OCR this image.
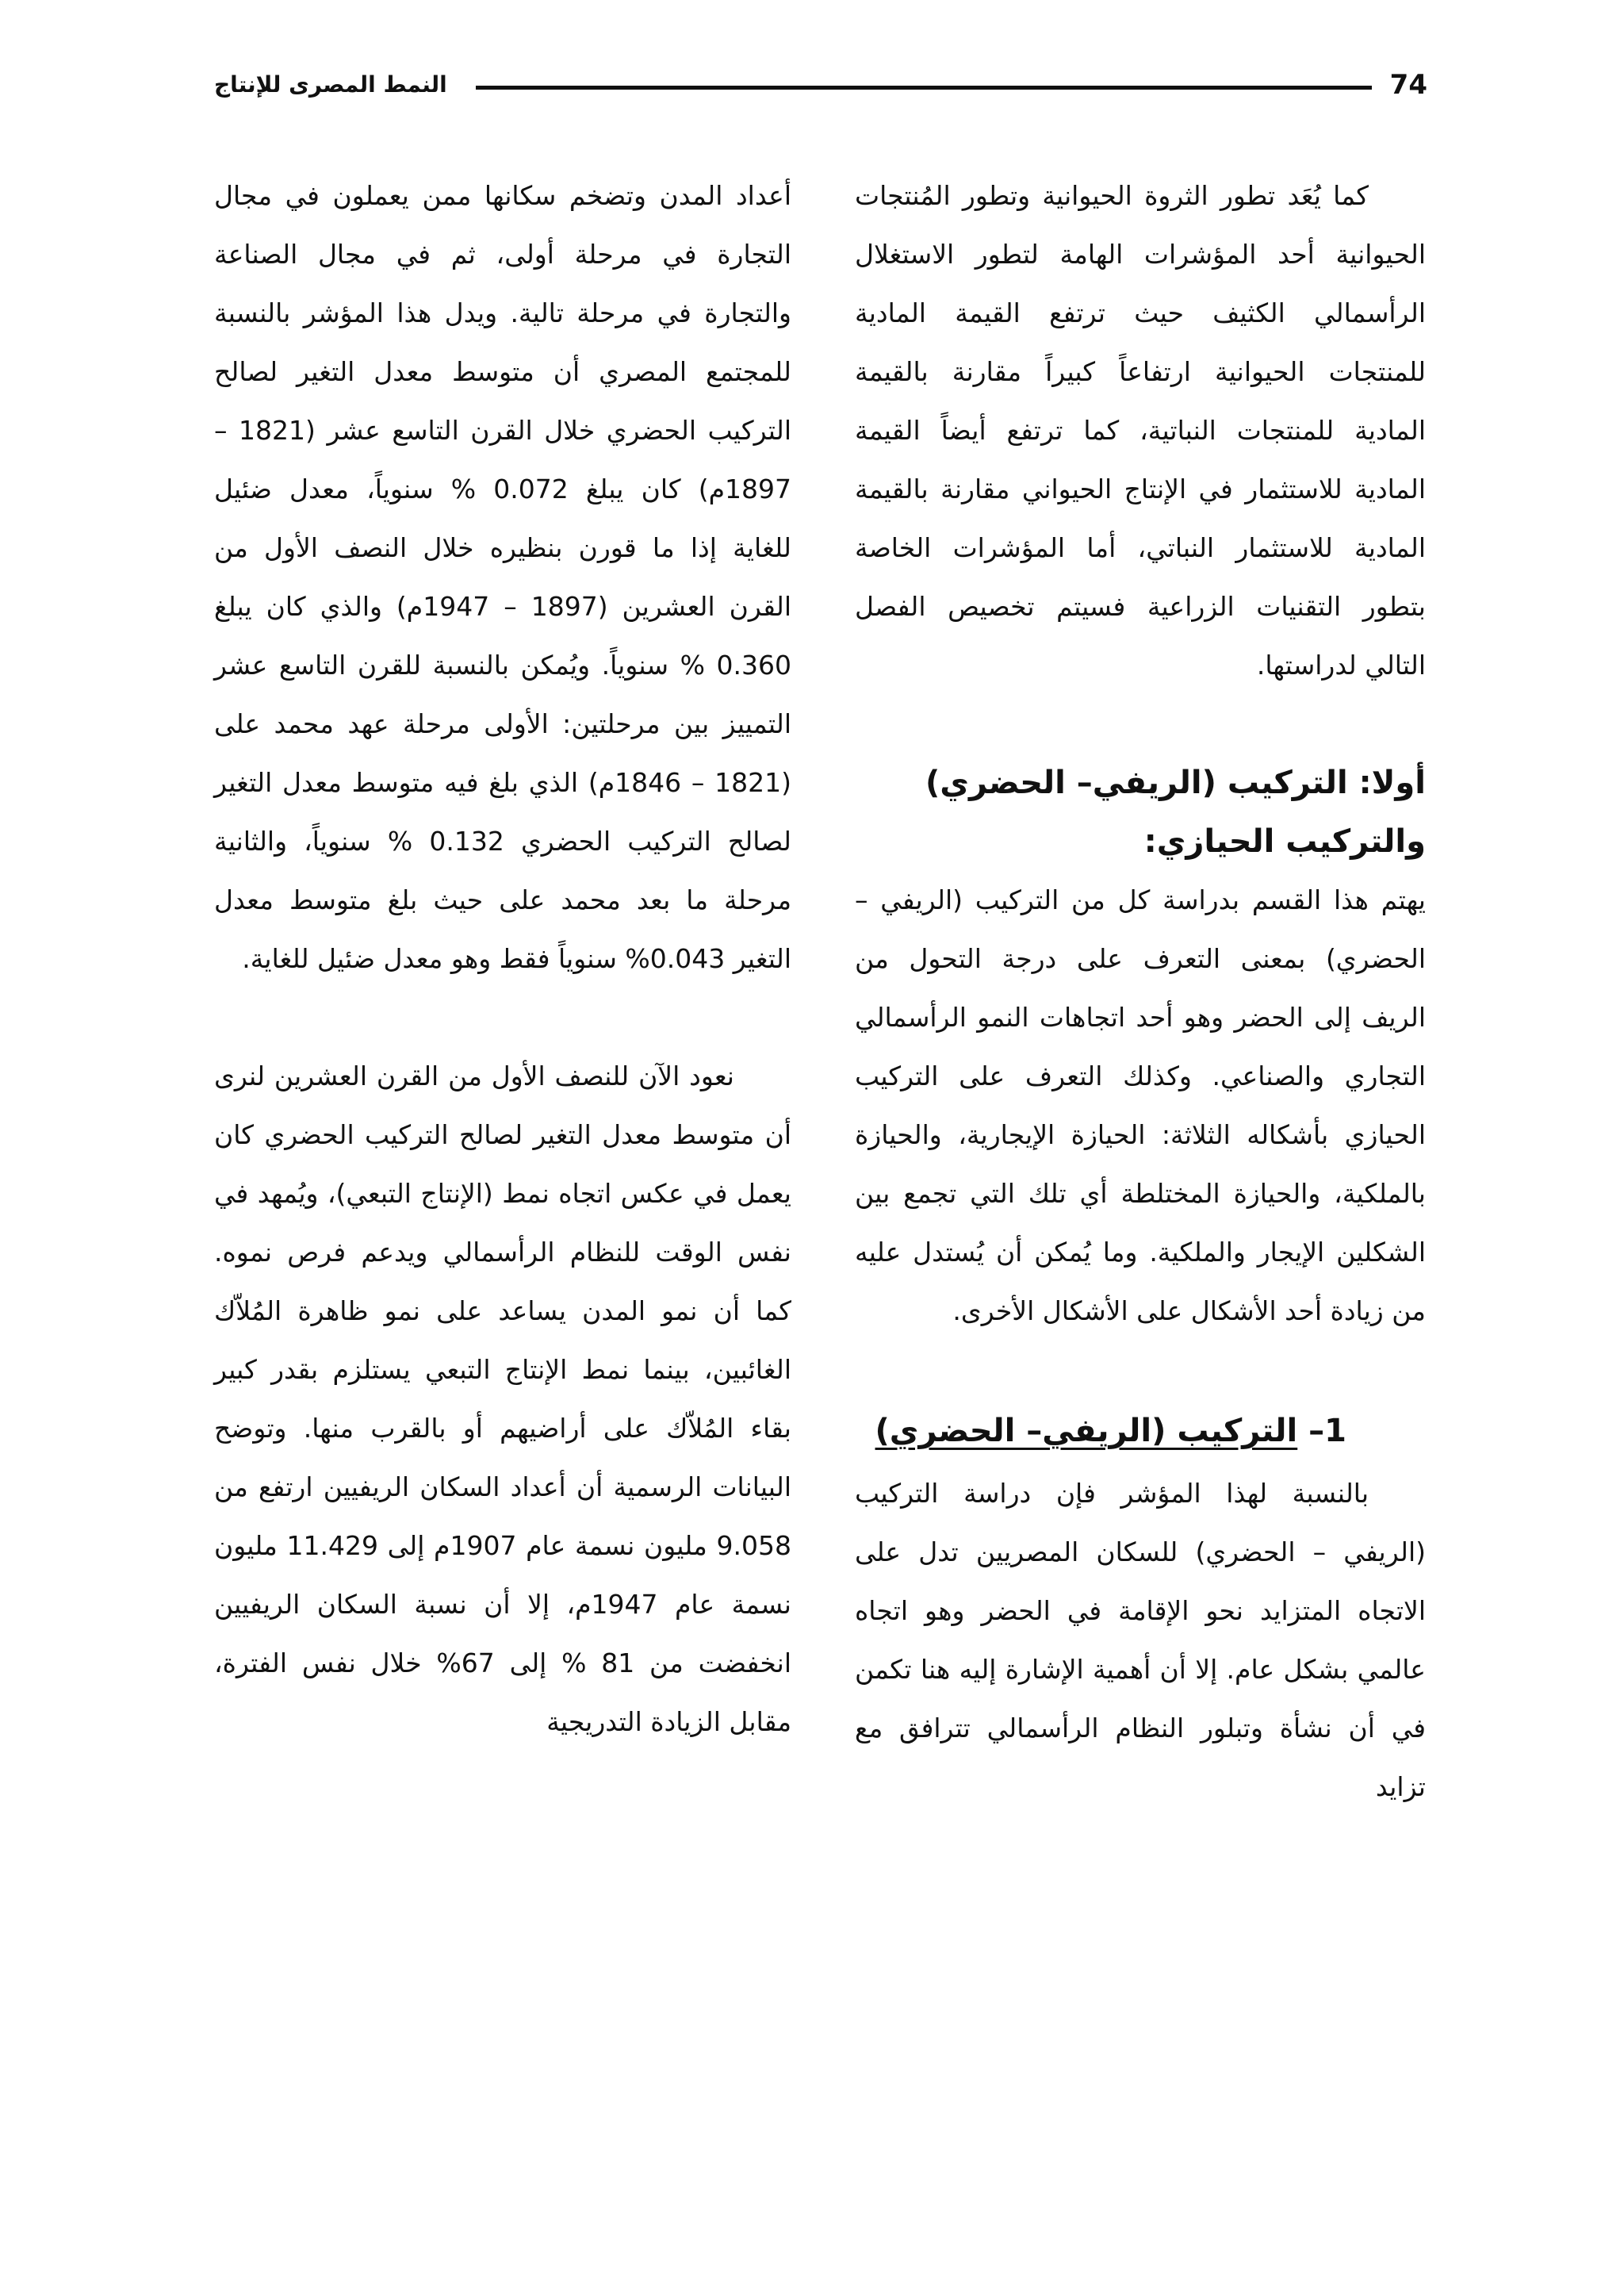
النمط المصرى للإنتاج	74

كما يُعَد تطور الثروة الحيوانية وتطور المُنتجات الحيوانية أحد المؤشرات الهامة لتطور الاستغلال الرأسمالي الكثيف حيث ترتفع القيمة المادية للمنتجات الحيوانية ارتفاعاً كبيراً مقارنة بالقيمة المادية للمنتجات النباتية، كما ترتفع أيضاً القيمة المادية للاستثمار في الإنتاج الحيواني مقارنة بالقيمة المادية للاستثمار النباتي، أما المؤشرات الخاصة بتطور التقنيات الزراعية فسيتم تخصيص الفصل التالي لدراستها.

أولا: التركيب (الريفي– الحضري) والتركيب الحيازي:

يهتم هذا القسم بدراسة كل من التركيب (الريفي – الحضري) بمعنى التعرف على درجة التحول من الريف إلى الحضر وهو أحد اتجاهات النمو الرأسمالي التجاري والصناعي. وكذلك التعرف على التركيب الحيازي بأشكاله الثلاثة: الحيازة الإيجارية، والحيازة بالملكية، والحيازة المختلطة أي تلك التي تجمع بين الشكلين الإيجار والملكية. وما يُمكن أن يُستدل عليه من زيادة أحد الأشكال على الأشكال الأخرى.

1– التركيب (الريفي– الحضري)

بالنسبة لهذا المؤشر فإن دراسة التركيب (الريفي – الحضري) للسكان المصريين تدل على الاتجاه المتزايد نحو الإقامة في الحضر وهو اتجاه عالمي بشكل عام. إلا أن أهمية الإشارة إليه هنا تكمن في أن نشأة وتبلور النظام الرأسمالي تترافق مع تزايد

أعداد المدن وتضخم سكانها ممن يعملون في مجال التجارة في مرحلة أولى، ثم في مجال الصناعة والتجارة في مرحلة تالية. ويدل هذا المؤشر بالنسبة للمجتمع المصري أن متوسط معدل التغير لصالح التركيب الحضري خلال القرن التاسع عشر (1821 – 1897م) كان يبلغ 0.072 % سنوياً، معدل ضئيل للغاية إذا ما قورن بنظيره خلال النصف الأول من القرن العشرين (1897 – 1947م) والذي كان يبلغ 0.360 % سنوياً. ويُمكن بالنسبة للقرن التاسع عشر التمييز بين مرحلتين: الأولى مرحلة عهد محمد على (1821 – 1846م) الذي بلغ فيه متوسط معدل التغير لصالح التركيب الحضري 0.132 % سنوياً، والثانية مرحلة ما بعد محمد على حيث بلغ متوسط معدل التغير 0.043% سنوياً فقط وهو معدل ضئيل للغاية.

نعود الآن للنصف الأول من القرن العشرين لنرى أن متوسط معدل التغير لصالح التركيب الحضري كان يعمل في عكس اتجاه نمط (الإنتاج التبعي)، ويُمهد في نفس الوقت للنظام الرأسمالي ويدعم فرص نموه. كما أن نمو المدن يساعد على نمو ظاهرة المُلاّك الغائبين، بينما نمط الإنتاج التبعي يستلزم بقدر كبير بقاء المُلاّك على أراضيهم أو بالقرب منها. وتوضح البيانات الرسمية أن أعداد السكان الريفيين ارتفع من 9.058 مليون نسمة عام 1907م إلى 11.429 مليون نسمة عام 1947م، إلا أن نسبة السكان الريفيين انخفضت من 81 % إلى 67% خلال نفس الفترة، مقابل الزيادة التدريجية
